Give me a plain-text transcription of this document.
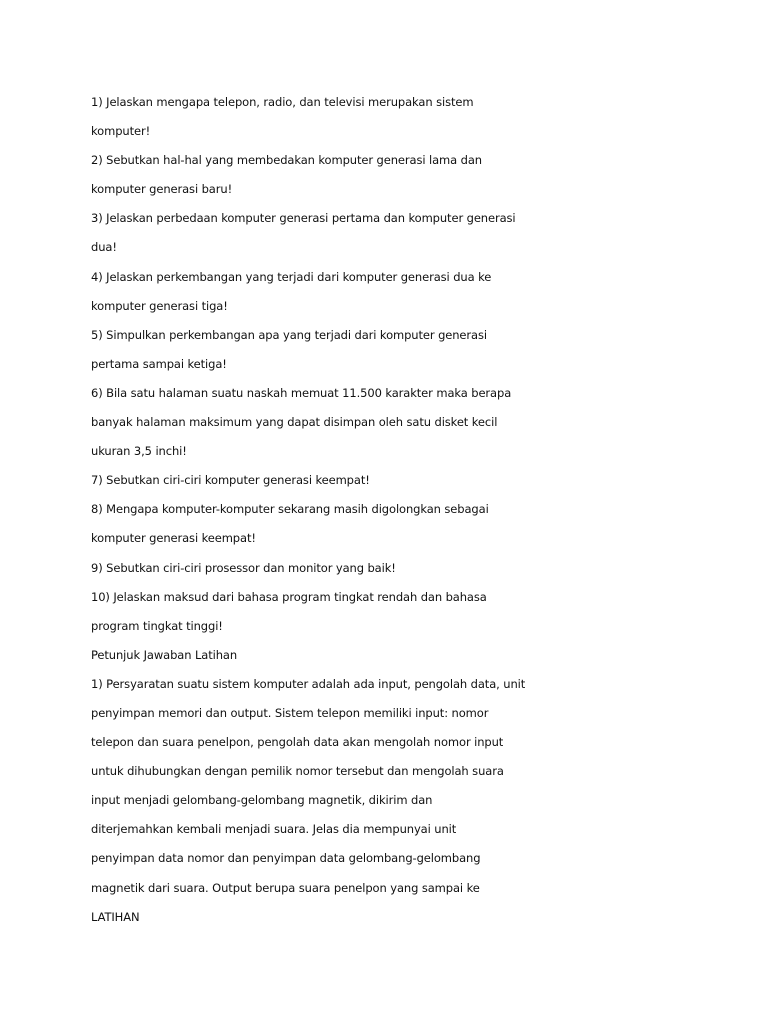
1) Jelaskan mengapa telepon, radio, dan televisi merupakan sistem
komputer!
2) Sebutkan hal-hal yang membedakan komputer generasi lama dan
komputer generasi baru!
3) Jelaskan perbedaan komputer generasi pertama dan komputer generasi
dua!
4) Jelaskan perkembangan yang terjadi dari komputer generasi dua ke
komputer generasi tiga!
5) Simpulkan perkembangan apa yang terjadi dari komputer generasi
pertama sampai ketiga!
6) Bila satu halaman suatu naskah memuat 11.500 karakter maka berapa
banyak halaman maksimum yang dapat disimpan oleh satu disket kecil
ukuran 3,5 inchi!
7) Sebutkan ciri-ciri komputer generasi keempat!
8) Mengapa komputer-komputer sekarang masih digolongkan sebagai
komputer generasi keempat!
9) Sebutkan ciri-ciri prosessor dan monitor yang baik!
10) Jelaskan maksud dari bahasa program tingkat rendah dan bahasa
program tingkat tinggi!
Petunjuk Jawaban Latihan
1) Persyaratan suatu sistem komputer adalah ada input, pengolah data, unit
penyimpan memori dan output. Sistem telepon memiliki input: nomor
telepon dan suara penelpon, pengolah data akan mengolah nomor input
untuk dihubungkan dengan pemilik nomor tersebut dan mengolah suara
input menjadi gelombang-gelombang magnetik, dikirim dan
diterjemahkan kembali menjadi suara. Jelas dia mempunyai unit
penyimpan data nomor dan penyimpan data gelombang-gelombang
magnetik dari suara. Output berupa suara penelpon yang sampai ke
LATIHAN
